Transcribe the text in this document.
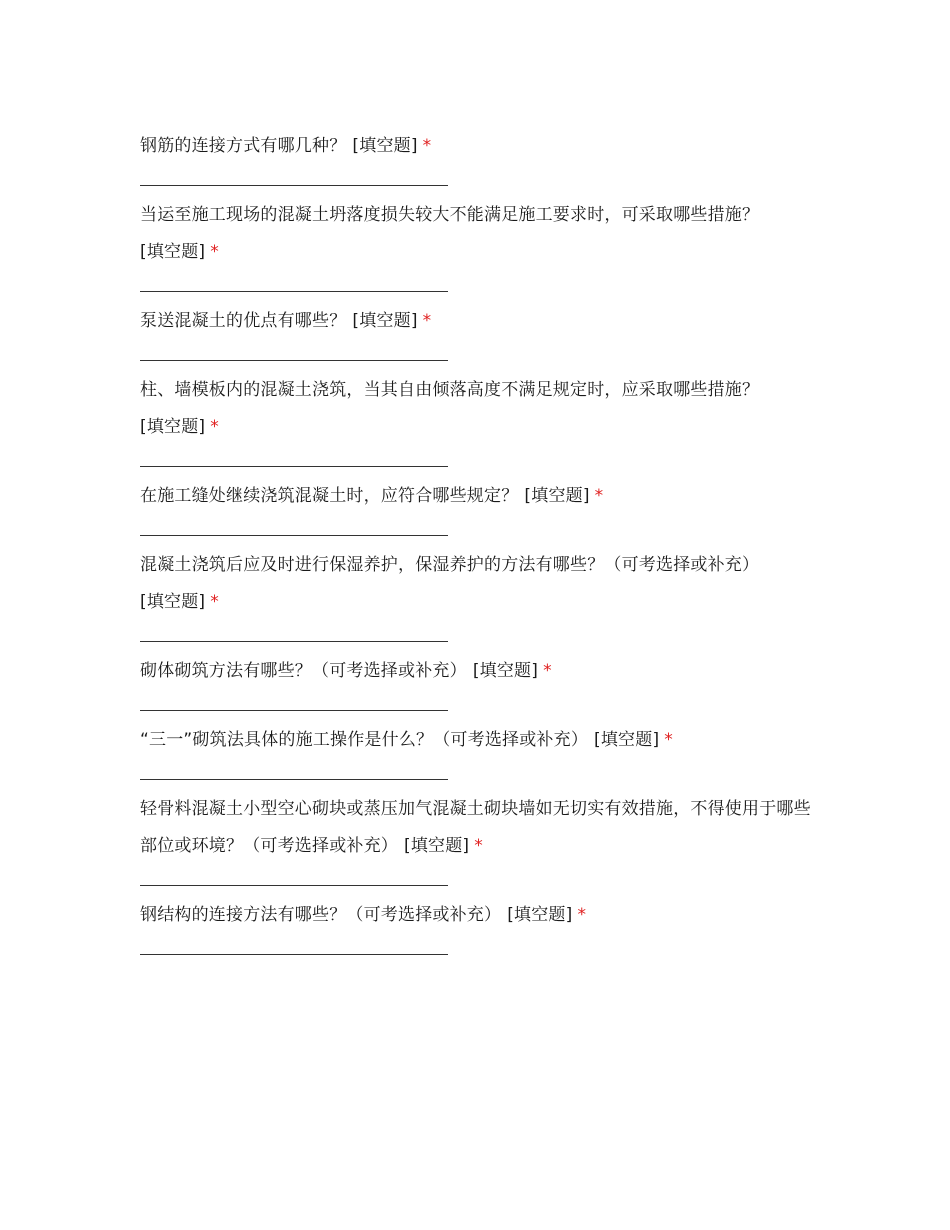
钢筋的连接方式有哪几种？ [填空题] *

当运至施工现场的混凝土坍落度损失较大不能满足施工要求时，可采取哪些措施？
[填空题] *

泵送混凝土的优点有哪些？ [填空题] *

柱、墙模板内的混凝土浇筑，当其自由倾落高度不满足规定时，应采取哪些措施？
[填空题] *

在施工缝处继续浇筑混凝土时，应符合哪些规定？ [填空题] *

混凝土浇筑后应及时进行保湿养护，保湿养护的方法有哪些？（可考选择或补充）
[填空题] *

砌体砌筑方法有哪些？（可考选择或补充） [填空题] *

“三一”砌筑法具体的施工操作是什么？（可考选择或补充） [填空题] *

轻骨料混凝土小型空心砌块或蒸压加气混凝土砌块墙如无切实有效措施，不得使用于哪些部位或环境？（可考选择或补充） [填空题] *

钢结构的连接方法有哪些？（可考选择或补充） [填空题] *
